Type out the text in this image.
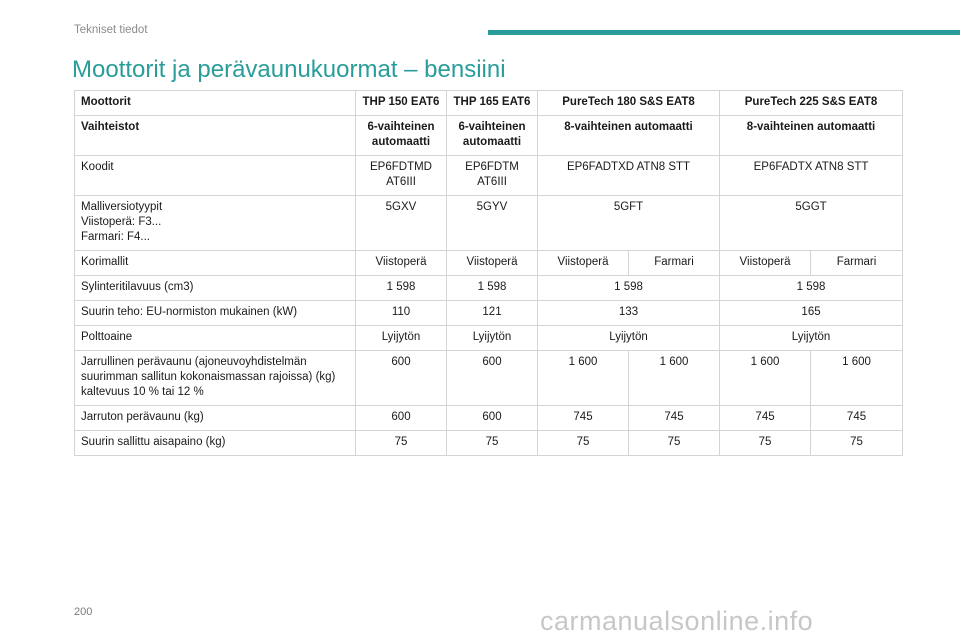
Tekniset tiedot
Moottorit ja perävaunukuormat – bensiini
Moottorit	THP 150 EAT6	THP 165 EAT6	PureTech 180 S&S EAT8		PureTech 225 S&S EAT8	
Vaihteistot	6-vaihteinen automaatti	6-vaihteinen automaatti	8-vaihteinen automaatti		8-vaihteinen automaatti	
Koodit	EP6FDTMD AT6III	EP6FDTM AT6III	EP6FADTXD ATN8 STT		EP6FADTX ATN8 STT	

Malliversiotyypit
Viistoperä: F3...
Farmari: F4...	5GXV	5GYV	5GFT		5GGT	
Korimallit	Viistoperä	Viistoperä	Viistoperä	Farmari	Viistoperä	Farmari
Sylinteritilavuus (cm3)	1 598	1 598	1 598		1 598	
Suurin teho: EU-normiston mukainen (kW)	110	121	133		165	
Polttoaine	Lyijytön	Lyijytön	Lyijytön		Lyijytön	

Jarrullinen perävaunu (ajoneuvoyhdistelmän suurimman sallitun kokonaismassan rajoissa) (kg)
kaltevuus 10 % tai 12 %	600	600	1 600	1 600	1 600	1 600
Jarruton perävaunu (kg)	600	600	745	745	745	745
Suurin sallittu aisapaino (kg)	75	75	75	75	75	75
200	carmanualsonline.info
